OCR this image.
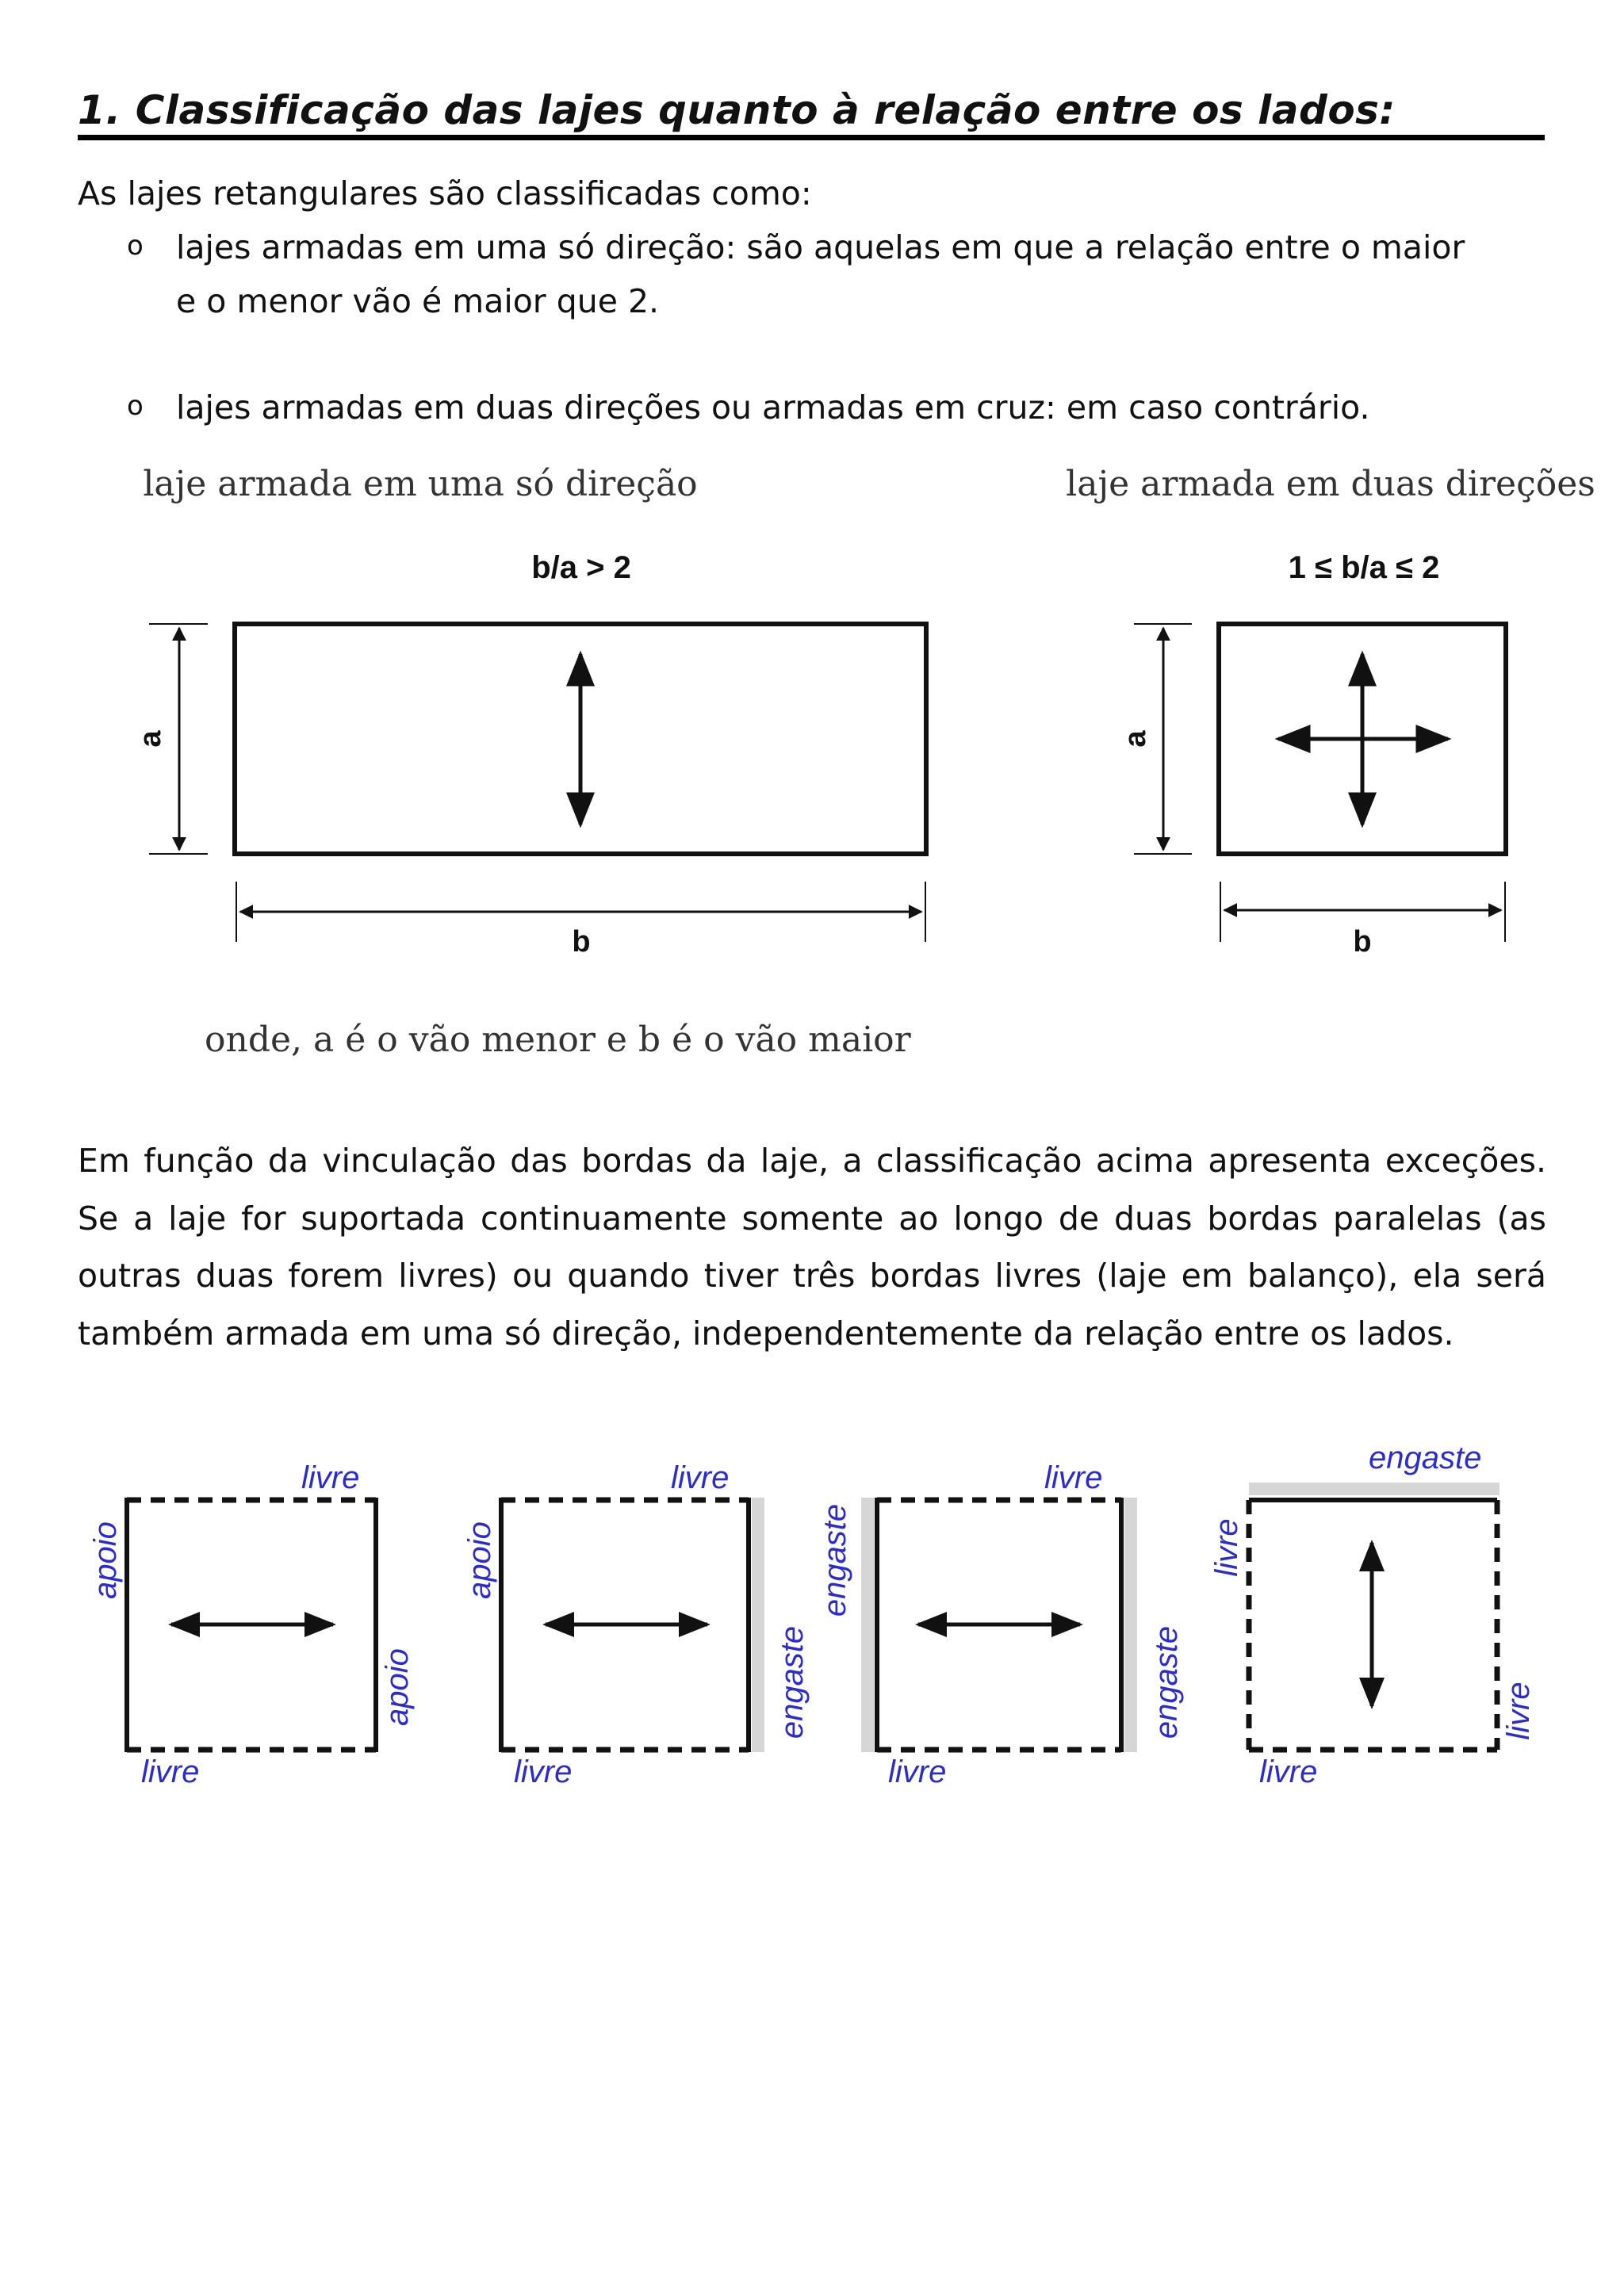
1. Classificação das lajes quanto à relação entre os lados:
As lajes retangulares são classificadas como:
o lajes armadas em uma só direção: são aquelas em que a relação entre o maior
e o menor vão é maior que 2.
o lajes armadas em duas direções ou armadas em cruz: em caso contrário.
laje armada em uma só direção	laje armada em duas direções
b/a > 2	1 ≤ b/a ≤ 2
a
b
a
b
onde, a é o vão menor e b é o vão maior
Em função da vinculação das bordas da laje, a classificação acima apresenta exceções. Se a laje for suportada continuamente somente ao longo de duas bordas paralelas (as outras duas forem livres) ou quando tiver três bordas livres (laje em balanço), ela será também armada em uma só direção, independentemente da relação entre os lados.
livre
livre
apoio
apoio
livre
livre
apoio
engaste
livre
livre
engaste
engaste
engaste
livre
livre
livre
